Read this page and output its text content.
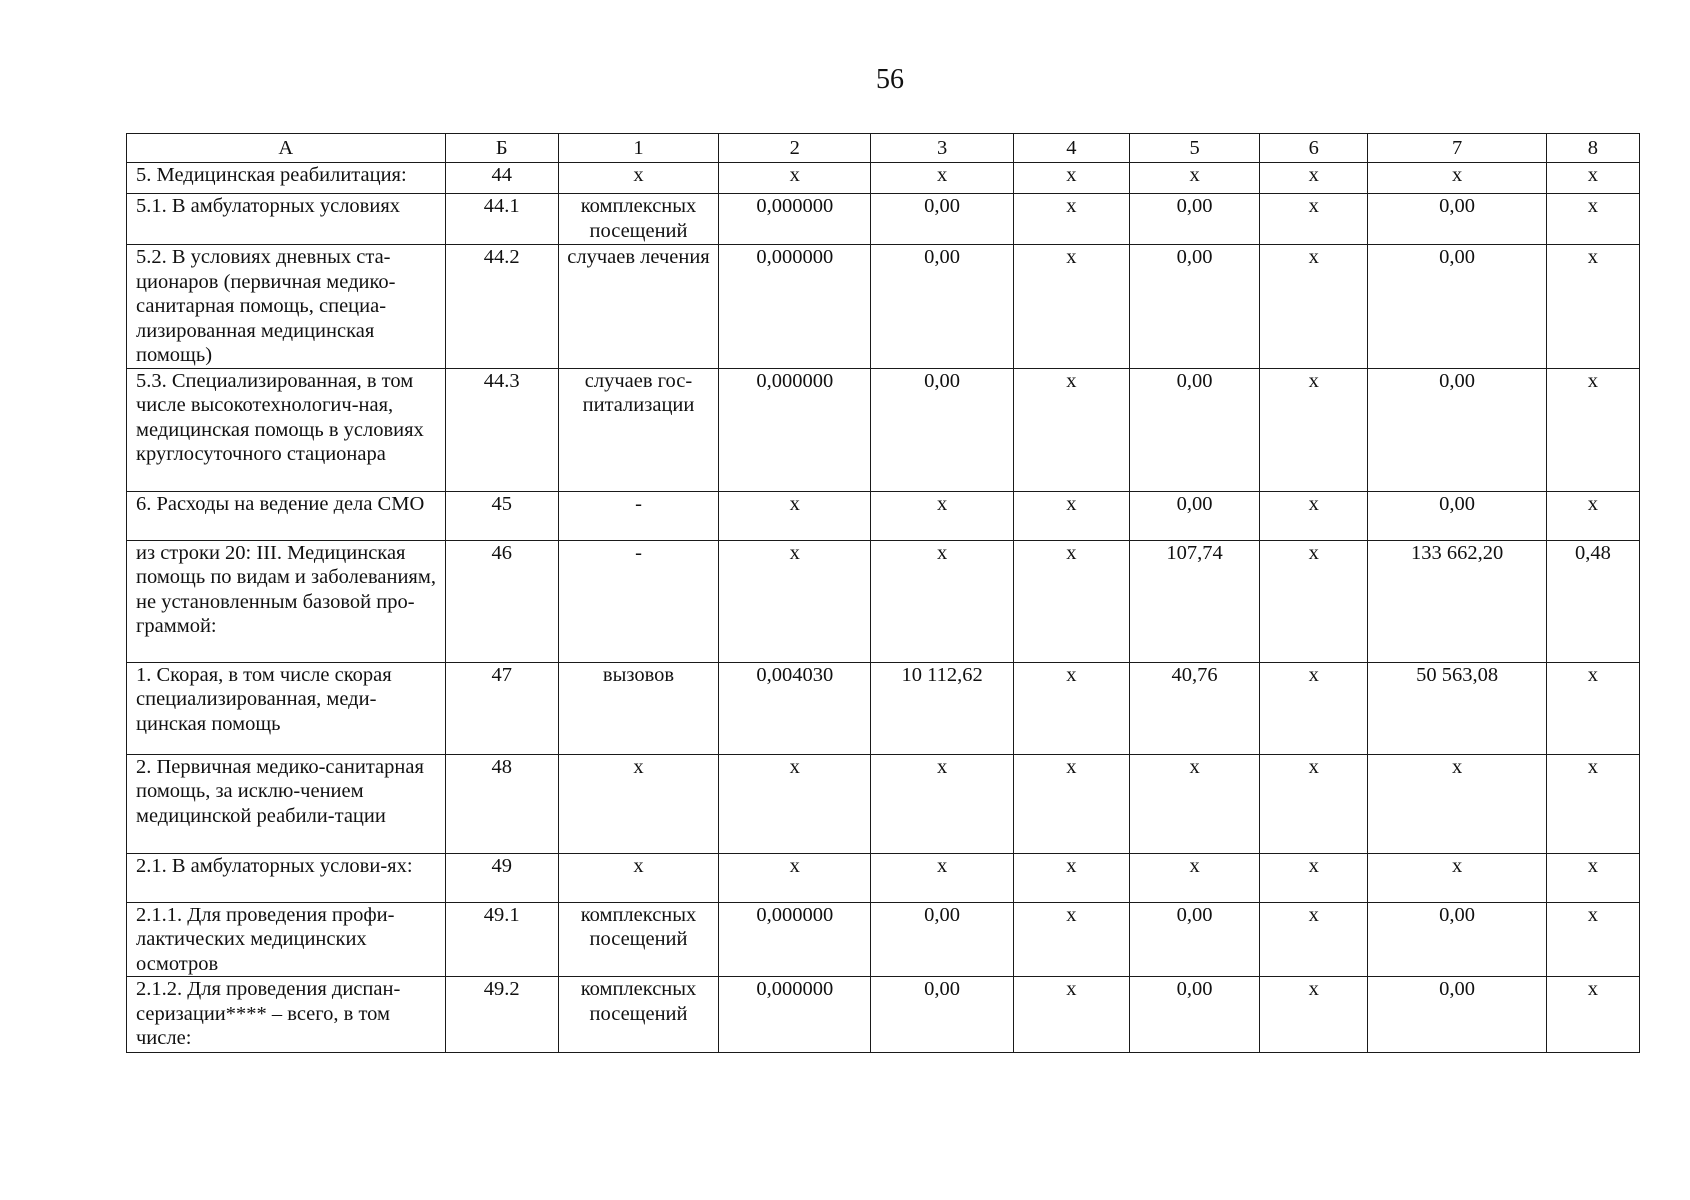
56
А	Б	1	2	3	4	5	6	7	8
5. Медицинская реабилитация:	44	х	х	х	х	х	х	х	х
5.1. В амбулаторных условиях	44.1	комплексных посещений	0,000000	0,00	х	0,00	х	0,00	х
5.2. В условиях дневных ста-ционаров (первичная медико-санитарная помощь, специа-лизированная медицинская помощь)	44.2	случаев лечения	0,000000	0,00	х	0,00	х	0,00	х
5.3. Специализированная, в том числе высокотехнологич-ная, медицинская помощь в условиях круглосуточного стационара	44.3	случаев гос-питализации	0,000000	0,00	х	0,00	х	0,00	х
6. Расходы на ведение дела СМО	45	-	х	х	х	0,00	х	0,00	х
из строки 20: III. Медицинская помощь по видам и заболеваниям, не установленным базовой про-граммой:	46	-	х	х	х	107,74	х	133 662,20	0,48
1. Скорая, в том числе скорая специализированная, меди-цинская помощь	47	вызовов	0,004030	10 112,62	х	40,76	х	50 563,08	х
2. Первичная медико-санитарная помощь, за исклю-чением медицинской реабили-тации	48	х	х	х	х	х	х	х	х
2.1. В амбулаторных услови-ях:	49	х	х	х	х	х	х	х	х
2.1.1. Для проведения профи-лактических медицинских осмотров	49.1	комплексных посещений	0,000000	0,00	х	0,00	х	0,00	х
2.1.2. Для проведения диспан-серизации**** – всего, в том числе:	49.2	комплексных посещений	0,000000	0,00	х	0,00	х	0,00	х
